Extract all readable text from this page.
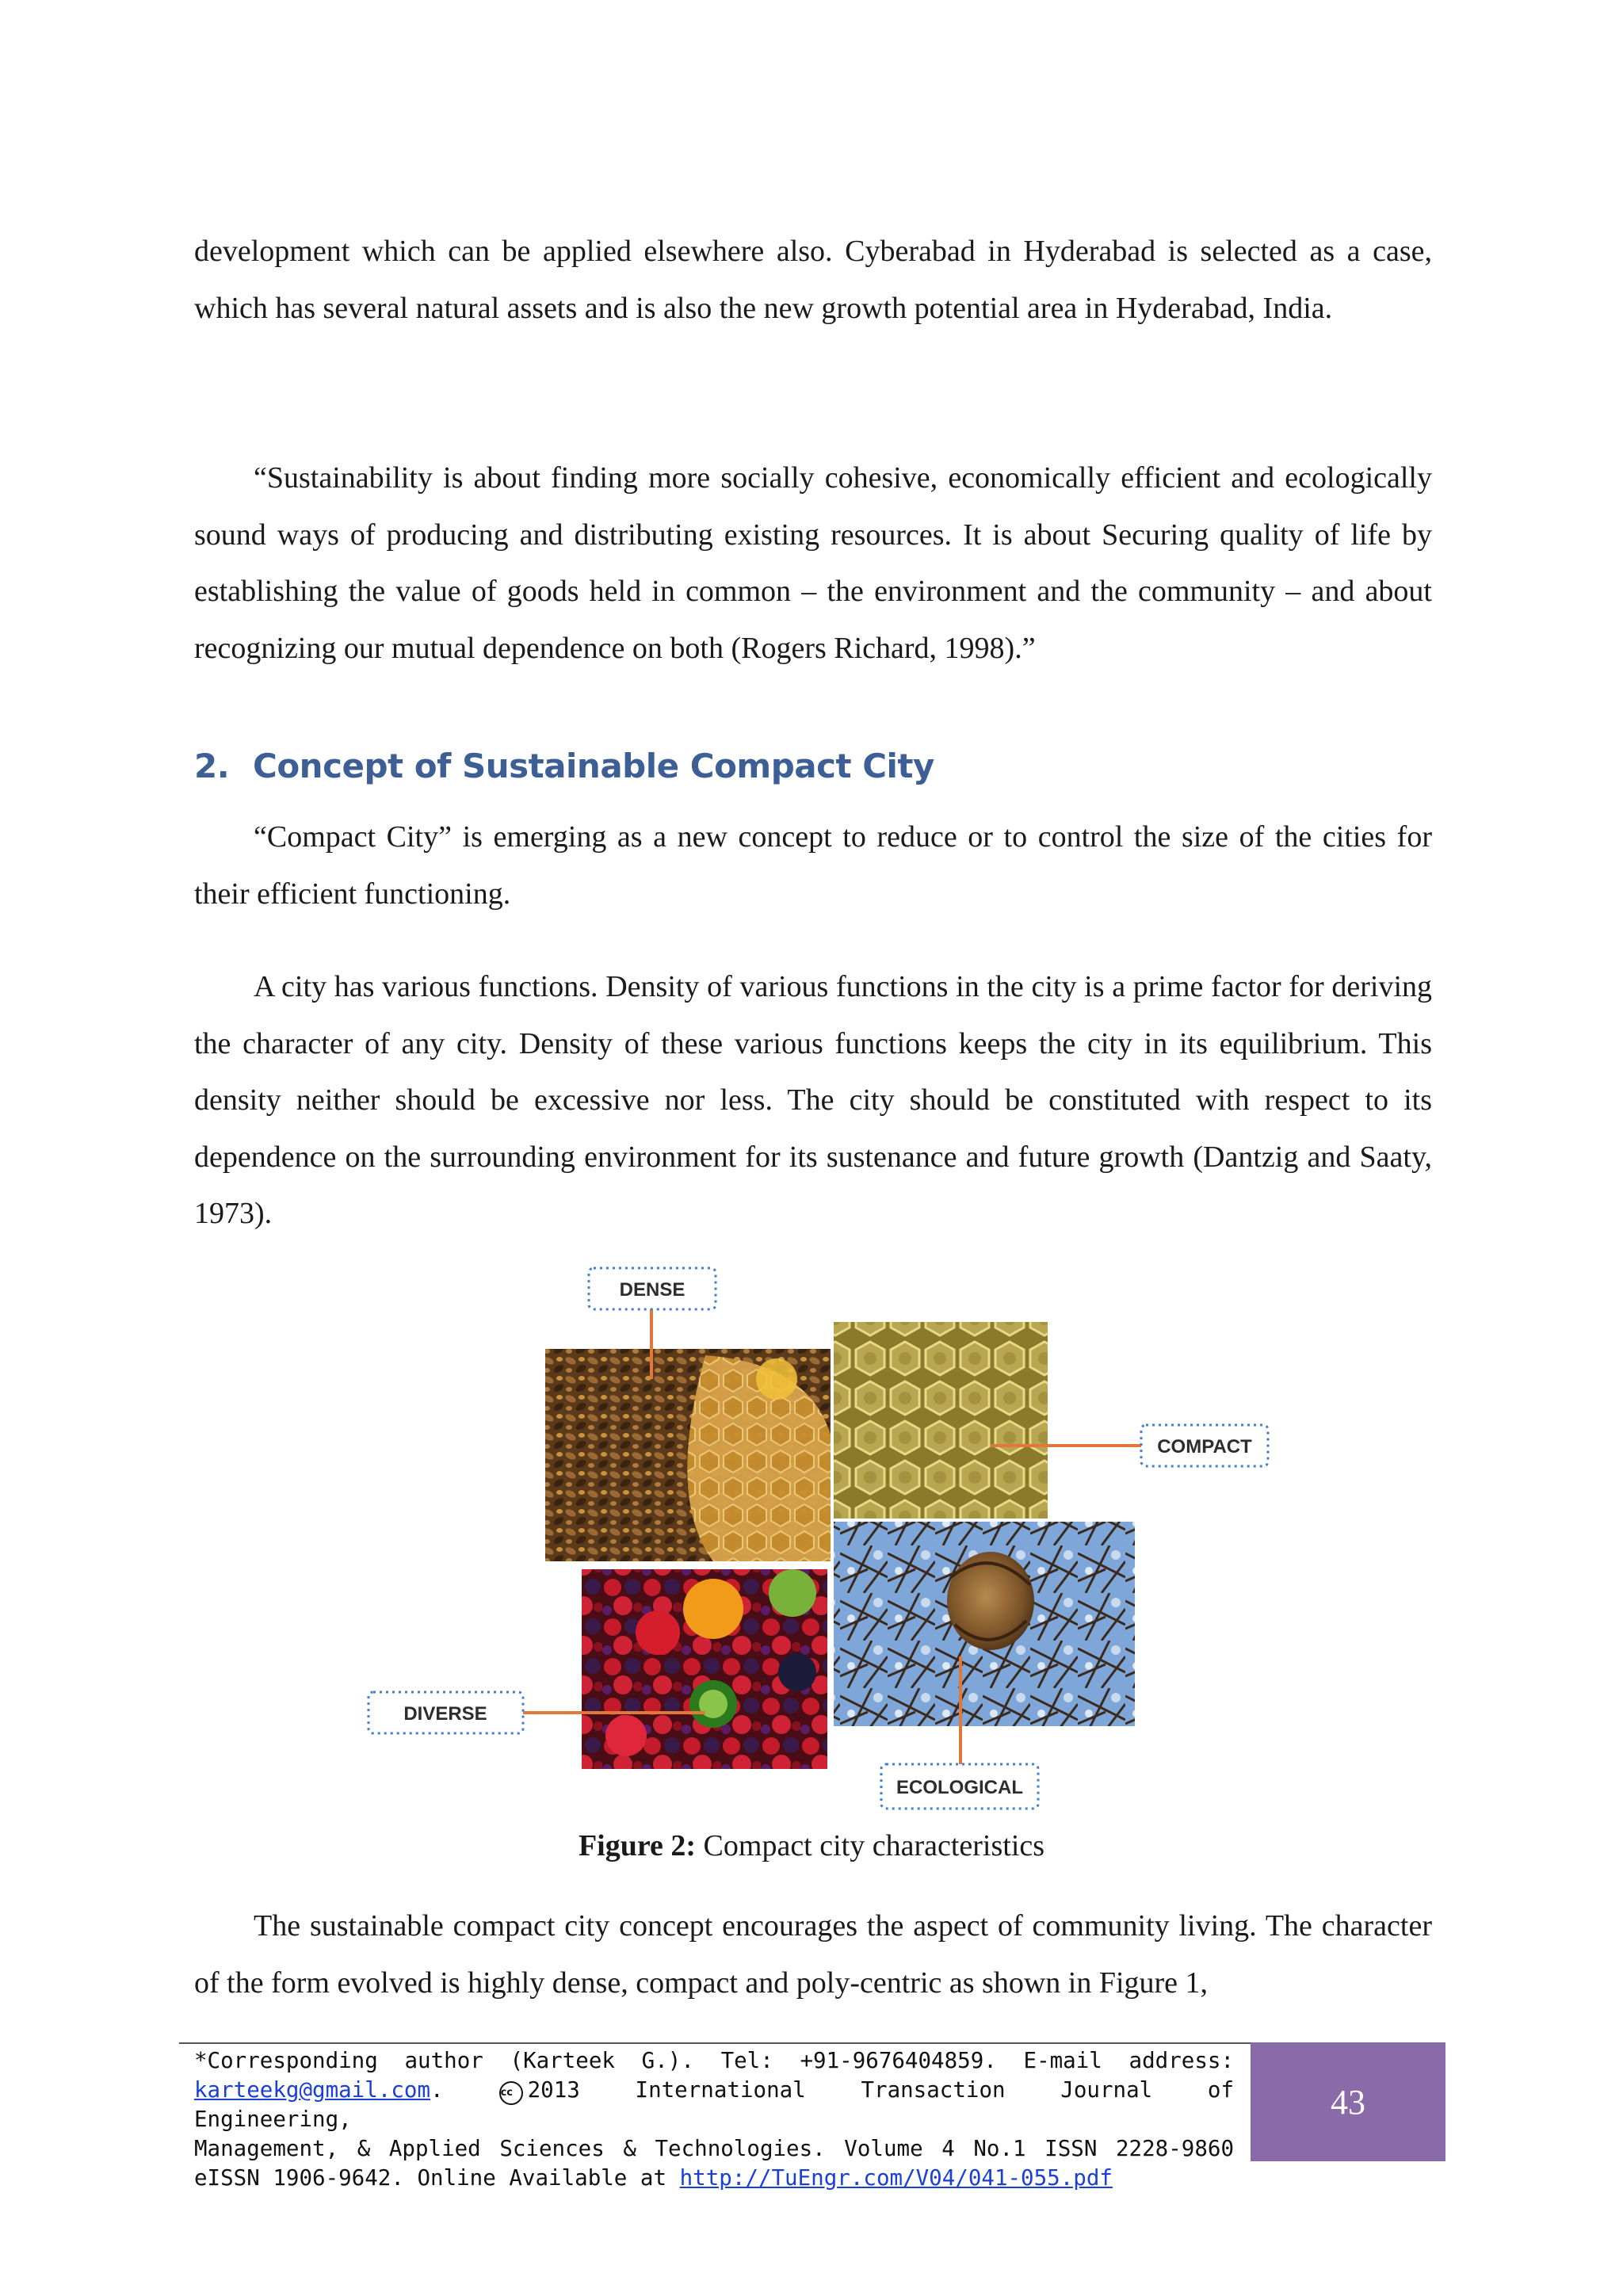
development which can be applied elsewhere also. Cyberabad in Hyderabad is selected as a case, which has several natural assets and is also the new growth potential area in Hyderabad, India.

“Sustainability is about finding more socially cohesive, economically efficient and ecologically sound ways of producing and distributing existing resources. It is about Securing quality of life by establishing the value of goods held in common – the environment and the community – and about recognizing our mutual dependence on both (Rogers Richard, 1998).”

2. Concept of Sustainable Compact City

“Compact City” is emerging as a new concept to reduce or to control the size of the cities for their efficient functioning.

A city has various functions. Density of various functions in the city is a prime factor for deriving the character of any city. Density of these various functions keeps the city in its equilibrium. This density neither should be excessive nor less. The city should be constituted with respect to its dependence on the surrounding environment for its sustenance and future growth (Dantzig and Saaty, 1973).

DENSE
COMPACT
DIVERSE
ECOLOGICAL

Figure 2: Compact city characteristics

The sustainable compact city concept encourages the aspect of community living. The character of the form evolved is highly dense, compact and poly-centric as shown in Figure 1,

*Corresponding author (Karteek G.). Tel: +91-9676404859. E-mail address:
karteekg@gmail.com.	cc 2013 International Transaction Journal of Engineering,
Management, & Applied Sciences & Technologies. Volume 4 No.1 ISSN 2228-9860
eISSN 1906-9642. Online Available at http://TuEngr.com/V04/041-055.pdf
43
